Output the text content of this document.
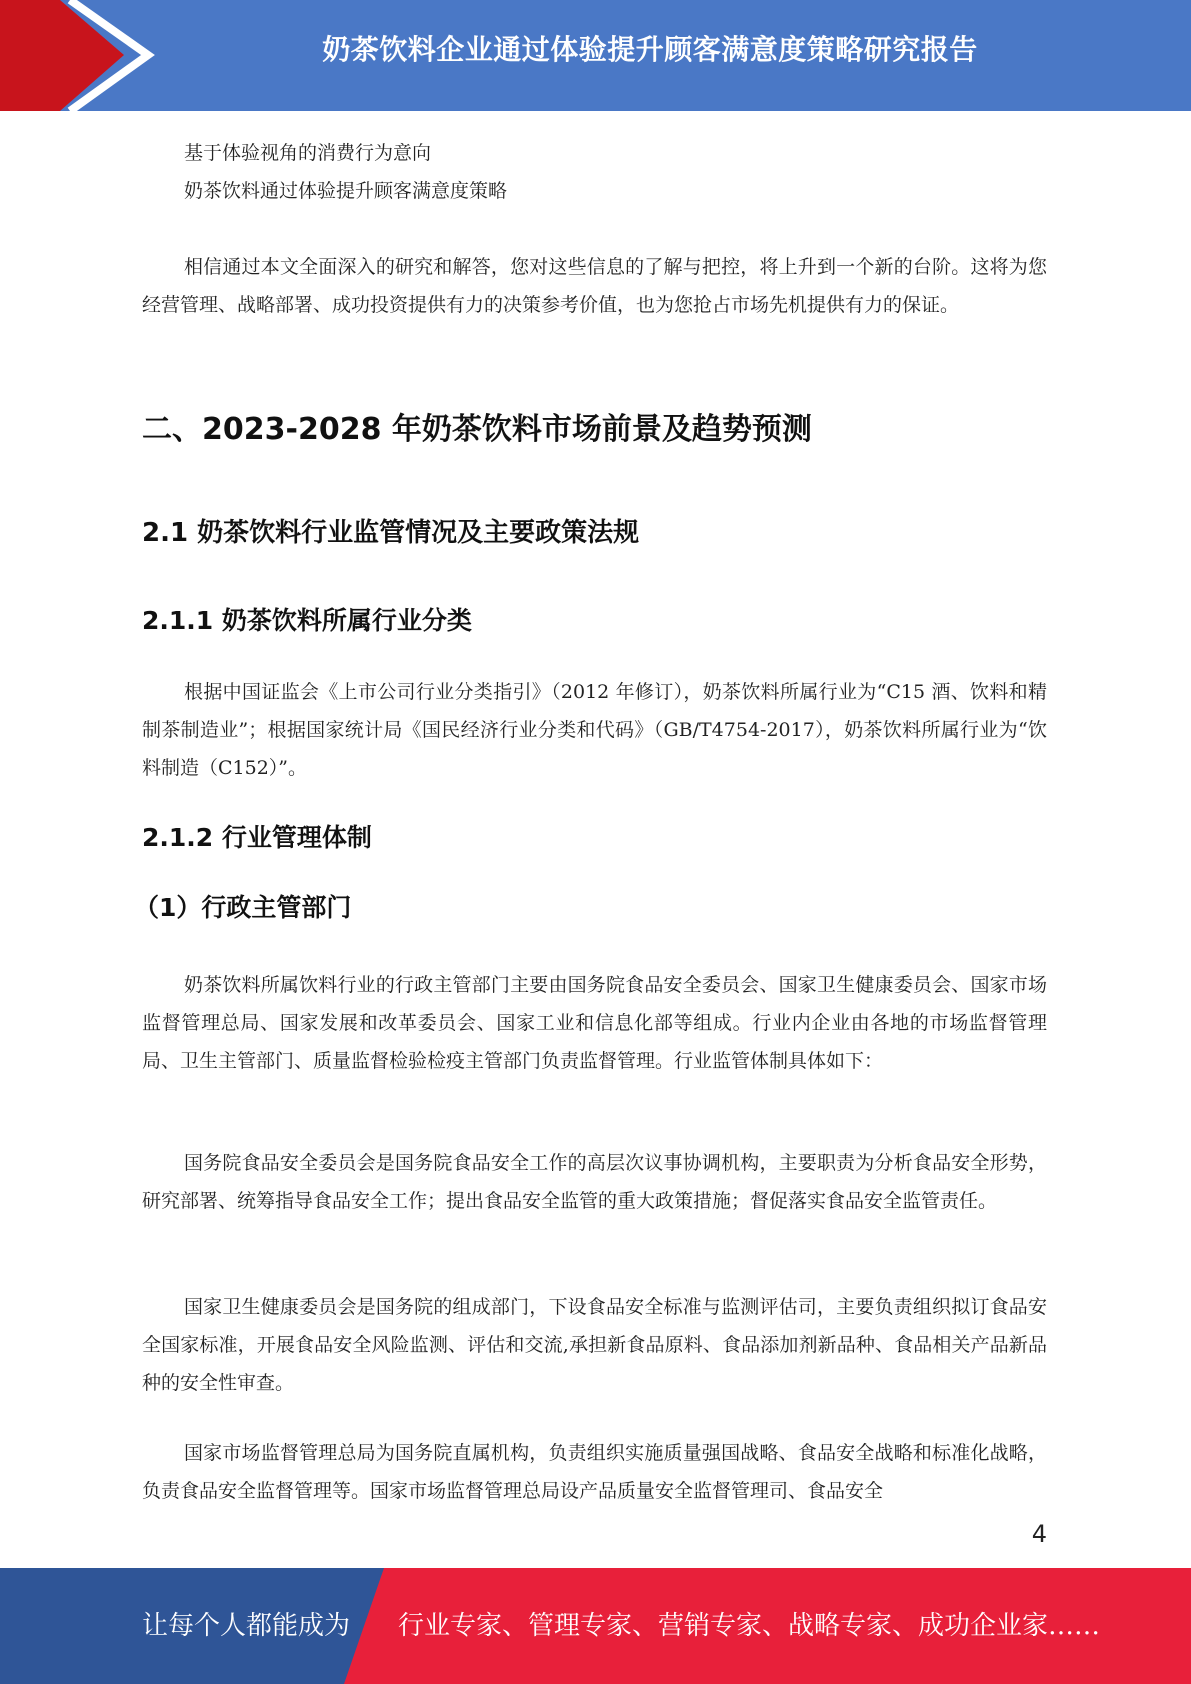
奶茶饮料企业通过体验提升顾客满意度策略研究报告

基于体验视角的消费行为意向

奶茶饮料通过体验提升顾客满意度策略

相信通过本文全面深入的研究和解答，您对这些信息的了解与把控，将上升到一个新的台阶。这将为您经营管理、战略部署、成功投资提供有力的决策参考价值，也为您抢占市场先机提供有力的保证。

二、2023-2028 年奶茶饮料市场前景及趋势预测
2.1 奶茶饮料行业监管情况及主要政策法规
2.1.1 奶茶饮料所属行业分类

根据中国证监会《上市公司行业分类指引》（2012 年修订），奶茶饮料所属行业为“C15 酒、饮料和精制茶制造业”；根据国家统计局《国民经济行业分类和代码》（GB/T4754-2017），奶茶饮料所属行业为“饮料制造（C152）”。

2.1.2 行业管理体制
（1）行政主管部门

奶茶饮料所属饮料行业的行政主管部门主要由国务院食品安全委员会、国家卫生健康委员会、国家市场监督管理总局、国家发展和改革委员会、国家工业和信息化部等组成。行业内企业由各地的市场监督管理局、卫生主管部门、质量监督检验检疫主管部门负责监督管理。行业监管体制具体如下：

国务院食品安全委员会是国务院食品安全工作的高层次议事协调机构，主要职责为分析食品安全形势，研究部署、统筹指导食品安全工作；提出食品安全监管的重大政策措施；督促落实食品安全监管责任。

国家卫生健康委员会是国务院的组成部门，下设食品安全标准与监测评估司，主要负责组织拟订食品安全国家标准，开展食品安全风险监测、评估和交流,承担新食品原料、食品添加剂新品种、食品相关产品新品种的安全性审查。

国家市场监督管理总局为国务院直属机构，负责组织实施质量强国战略、食品安全战略和标准化战略，负责食品安全监督管理等。国家市场监督管理总局设产品质量安全监督管理司、食品安全

4
让每个人都能成为 行业专家、管理专家、营销专家、战略专家、成功企业家……
